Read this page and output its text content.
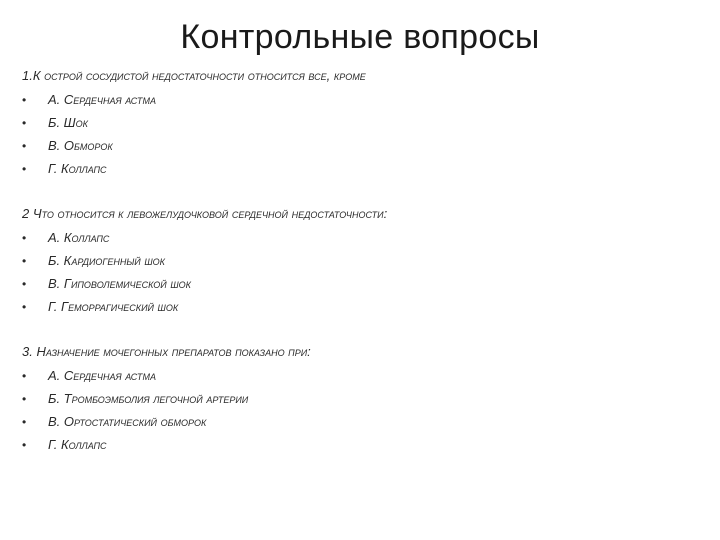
Контрольные вопросы
1.К острой сосудистой недостаточности относится все, кроме
• А. Сердечная астма
• Б. Шок
• В. Обморок
• Г. Коллапс
2 Что относится к левожелудочковой сердечной недостаточности:
• А. Коллапс
• Б. Кардиогенный шок
• В. Гиповолемической шок
• Г. Геморрагический шок
3. Назначение мочегонных препаратов показано при:
• А. Сердечная астма
• Б. Тромбоэмболия легочной артерии
• В. Ортостатический обморок
• Г. Коллапс
